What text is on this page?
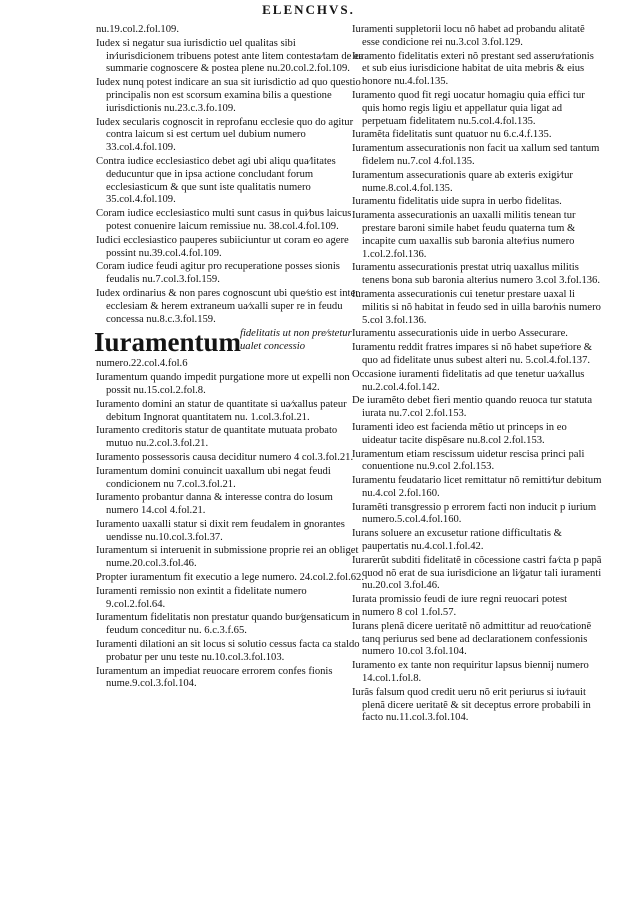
ELENCHVS.
nu.19.col.2.fol.109.
Iudex si negatur sua iurisdictio uel qualitas sibi in⁄iurisdicionem tribuens potest ante litem contesta⁄tam de ea summarie cognoscere & postea plene nu.20.col.2.fol.109.
Iudex nunq potest indicare an sua sit iurisdictio ad quo questio principalis non est scorsum examina bilis a questione iurisdictionis nu.23.c.3.fo.109.
Iudex secularis cognoscit in reprofanu ecclesie quo do agitur contra laicum si est certum uel dubium numero 33.col.4.fol.109.
Contra iudice ecclesiastico debet agi ubi aliqu qua⁄litates deducuntur que in ipsa actione concludant forum ecclesiasticum & que sunt iste qualitatis numero 35.col.4.fol.109.
Coram iudice ecclesiastico multi sunt casus in qui⁄bus laicus potest conuenire laicum remissiue nu. 38.col.4.fol.109.
Iudici ecclesiastico pauperes subiiciuntur ut coram eo agere possint nu.39.col.4.fol.109.
Coram iudice feudi agitur pro recuperatione posses sionis feudalis nu.7.col.3.fol.159.
Iudex ordinarius & non pares cognoscunt ubi que⁄stio est inter ecclesiam & herem extraneum ua⁄xalli super re in feudu concessa nu.8.c.3.fol.159.
Iuramentum fidelitatis ut non pre⁄stetur ualet concessio
numero.22.col.4.fol.6
Iuramentum quando impedit purgatione more ut expelli non possit nu.15.col.2.fol.8.
Iuramento domini an statur de quantitate si ua⁄xallus pateur debitum Ingnorat quantitatem nu. 1.col.3.fol.21.
Iuramento creditoris statur de quantitate mutuata probato mutuo nu.2.col.3.fol.21.
Iuramento possessoris causa deciditur numero 4 col.3.fol.21.
Iuramentum domini conuincit uaxallum ubi negat feudi condicionem nu 7.col.3.fol.21.
Iuramento probantur danna & interesse contra do losum numero 14.col 4.fol.21.
Iuramento uaxalli statur si dixit rem feudalem in gnorantes uendisse nu.10.col.3.fol.37.
Iuramentum si interuenit in submissione proprie rei an obliget nume.20.col.3.fol.46.
Propter iuramentum fit executio a lege numero. 24.col.2.fol.62.
Iuramenti remissio non exintit a fidelitate numero 9.col.2.fol.64.
Iuramentum fidelitatis non prestatur quando bur⁄gensaticum in feudum conceditur nu. 6.c.3.f.65.
Iuramenti dilationi an sit locus si solutio cessus facta ca staldo probatur per unu teste nu.10.col.3.fol.103.
Iuramentum an impediat reuocare errorem confes fionis nume.9.col.3.fol.104.
Iuramenti suppletorii locu nõ habet ad probandu alitatẽ esse condicione rei nu.3.col 3.fol.129.
Iuramento fidelitatis exteri nõ prestant sed asseru⁄rationis et sub eius iurisdicione habitat de uita mebris & eius honore nu.4.fol.135.
Iuramento quod fit regi uocatur homagiu quia effici tur quis homo regis ligiu et appellatur quia ligat ad perpetuam fidelitatem nu.5.col.4.fol.135.
Iuramẽta fidelitatis sunt quatuor nu 6.c.4.f.135.
Iuramentum assecurationis non facit ua xallum sed tantum fidelem nu.7.col 4.fol.135.
Iuramentum assecurationis quare ab exteris exigi⁄tur nume.8.col.4.fol.135.
Iuramentu fidelitatis uide supra in uerbo fidelitas.
Iuramenta assecurationis an uaxalli militis tenean tur prestare baroni simile habet feudu quaterna tum & incapite cum uaxallis sub baronia alte⁄rius numero 1.col.2.fol.136.
Iuramentu assecurationis prestat utriq uaxallus militis tenens bona sub baronia alterius numero 3.col 3.fol.136.
Iuramenta assecurationis cui tenetur prestare uaxal li militis si nõ habitat in feudo sed in uilla baro⁄nis numero 5.col 3.fol.136.
Iuramentu assecurationis uide in uerbo Assecurare.
Iuramentu reddit fratres impares si nõ habet supe⁄riore & quo ad fidelitate unus subest alteri nu. 5.col.4.fol.137.
Occasione iuramenti fidelitatis ad que tenetur ua⁄xallus nu.2.col.4.fol.142.
De iuramẽto debet fieri mentio quando reuoca tur statuta iurata nu.7.col 2.fol.153.
Iuramenti ideo est facienda mẽtio ut princeps in eo uideatur tacite dispẽsare nu.8.col 2.fol.153.
Iuramentum etiam rescissum uidetur rescisa princi pali conuentione nu.9.col 2.fol.153.
Iuramentu feudatario licet remittatur nõ remitti⁄tur debitum nu.4.col 2.fol.160.
Iuramẽti transgressio p errorem facti non inducit p iurium numero.5.col.4.fol.160.
Iurans soluere an excusetur ratione difficultatis & paupertatis nu.4.col.1.fol.42.
Iurarerũt subditi fidelitatẽ in cõcessione castri fa⁄cta p papã quod nõ erat de sua iurisdicione an li⁄gatur tali iuramenti nu.20.col 3.fol.46.
Iurata promissio feudi de iure regni reuocari potest numero 8 col 1.fol.57.
Iurans plenã dicere ueritatẽ nõ admittitur ad reuo⁄cationẽ tanq periurus sed bene ad declarationem confessionis numero 10.col 3.fol.104.
Iuramento ex tante non requiritur lapsus biennij numero 14.col.1.fol.8.
Iurãs falsum quod credit ueru nõ erit periurus si iu⁄rauit plenã dicere ueritatẽ & sit deceptus errore probabili in facto nu.11.col.3.fol.104.
